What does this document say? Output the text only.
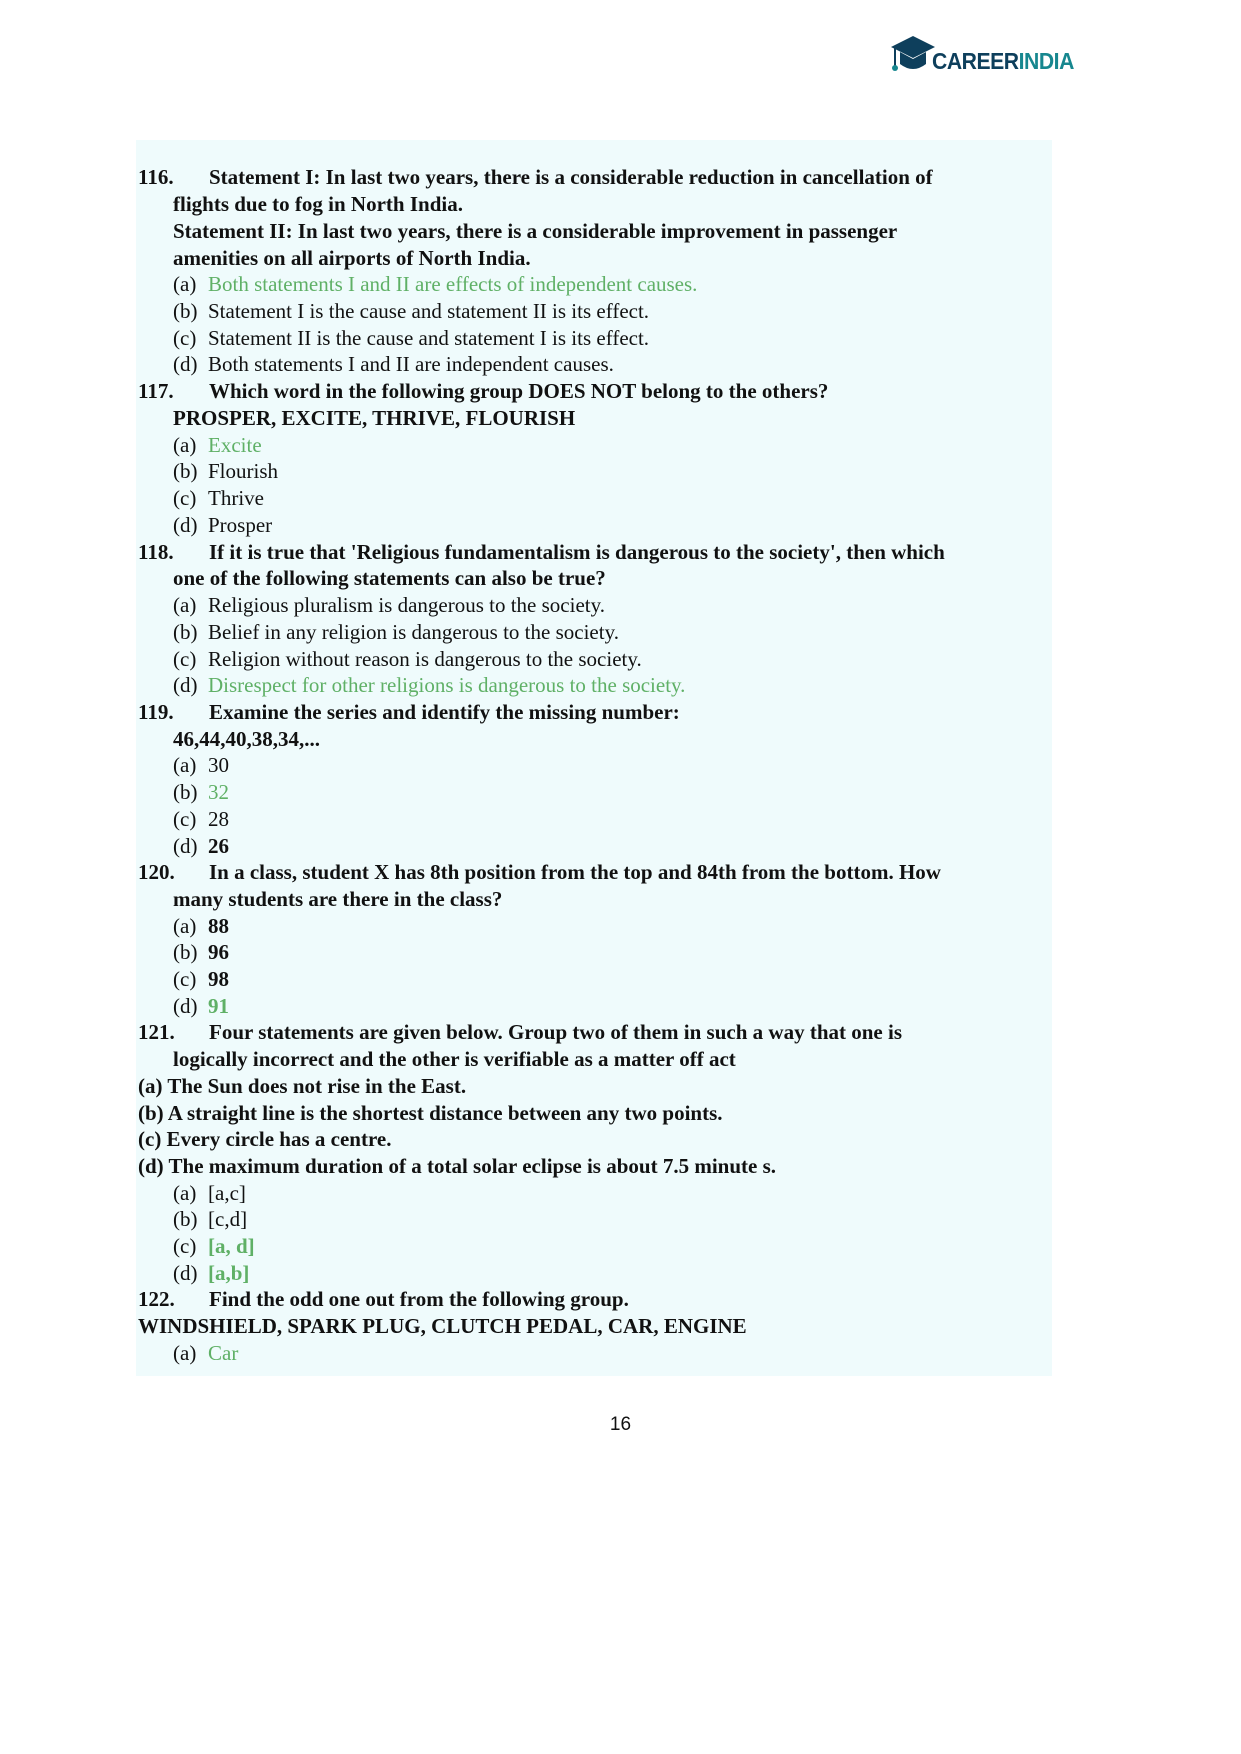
CAREERINDIA
116. Statement I: In last two years, there is a considerable reduction in cancellation of
flights due to fog in North India.
Statement II: In last two years, there is a considerable improvement in passenger
amenities on all airports of North India.
(a) Both statements I and II are effects of independent causes.
(b) Statement I is the cause and statement II is its effect.
(c) Statement II is the cause and statement I is its effect.
(d) Both statements I and II are independent causes.
117. Which word in the following group DOES NOT belong to the others?
PROSPER, EXCITE, THRIVE, FLOURISH
(a) Excite
(b) Flourish
(c) Thrive
(d) Prosper
118. If it is true that 'Religious fundamentalism is dangerous to the society', then which
one of the following statements can also be true?
(a) Religious pluralism is dangerous to the society.
(b) Belief in any religion is dangerous to the society.
(c) Religion without reason is dangerous to the society.
(d) Disrespect for other religions is dangerous to the society.
119. Examine the series and identify the missing number:
46,44,40,38,34,...
(a) 30
(b) 32
(c) 28
(d) 26
120. In a class, student X has 8th position from the top and 84th from the bottom. How
many students are there in the class?
(a) 88
(b) 96
(c) 98
(d) 91
121. Four statements are given below. Group two of them in such a way that one is
logically incorrect and the other is verifiable as a matter off act
(a) The Sun does not rise in the East.
(b) A straight line is the shortest distance between any two points.
(c) Every circle has a centre.
(d) The maximum duration of a total solar eclipse is about 7.5 minute s.
(a) [a,c]
(b) [c,d]
(c) [a, d]
(d) [a,b]
122. Find the odd one out from the following group.
WINDSHIELD, SPARK PLUG, CLUTCH PEDAL, CAR, ENGINE
(a) Car
16
